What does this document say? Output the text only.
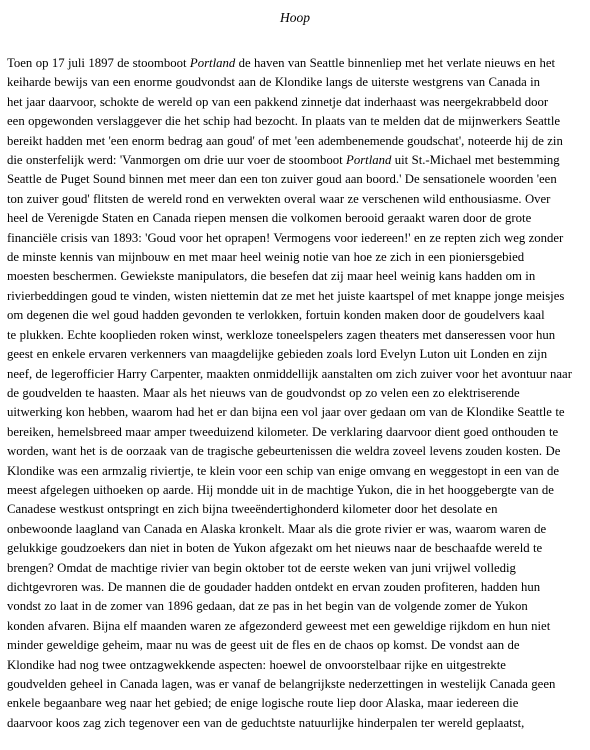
Hoop
Toen op 17 juli 1897 de stoomboot Portland de haven van Seattle binnenliep met het verlate nieuws en het
keiharde bewijs van een enorme goudvondst aan de Klondike langs de uiterste westgrens van Canada in
het jaar daarvoor, schokte de wereld op van een pakkend zinnetje dat inderhaast was neergekrabbeld door
een opgewonden verslaggever die het schip had bezocht. In plaats van te melden dat de mijnwerkers Seattle
bereikt hadden met 'een enorm bedrag aan goud' of met 'een adembenemende goudschat', noteerde hij de zin
die onsterfelijk werd: 'Vanmorgen om drie uur voer de stoomboot Portland uit St.-Michael met bestemming
Seattle de Puget Sound binnen met meer dan een ton zuiver goud aan boord.' De sensationele woorden 'een
ton zuiver goud' flitsten de wereld rond en verwekten overal waar ze verschenen wild enthousiasme. Over
heel de Verenigde Staten en Canada riepen mensen die volkomen berooid geraakt waren door de grote
financiële crisis van 1893: 'Goud voor het oprapen! Vermogens voor iedereen!' en ze repten zich weg zonder
de minste kennis van mijnbouw en met maar heel weinig notie van hoe ze zich in een pioniersgebied
moesten beschermen. Gewiekste manipulators, die besefen dat zij maar heel weinig kans hadden om in
rivierbeddingen goud te vinden, wisten niettemin dat ze met het juiste kaartspel of met knappe jonge meisjes
om degenen die wel goud hadden gevonden te verlokken, fortuin konden maken door de goudelvers kaal
te plukken. Echte kooplieden roken winst, werkloze toneelspelers zagen theaters met danseressen voor hun
geest en enkele ervaren verkenners van maagdelijke gebieden zoals lord Evelyn Luton uit Londen en zijn
neef, de legerofficier Harry Carpenter, maakten onmiddellijk aanstalten om zich zuiver voor het avontuur naar
de goudvelden te haasten. Maar als het nieuws van de goudvondst op zo velen een zo elektriserende
uitwerking kon hebben, waarom had het er dan bijna een vol jaar over gedaan om van de Klondike Seattle te
bereiken, hemelsbreed maar amper tweeduizend kilometer. De verklaring daarvoor dient goed onthouden te
worden, want het is de oorzaak van de tragische gebeurtenissen die weldra zoveel levens zouden kosten. De
Klondike was een armzalig riviertje, te klein voor een schip van enige omvang en weggestopt in een van de
meest afgelegen uithoeken op aarde. Hij mondde uit in de machtige Yukon, die in het hooggebergte van de
Canadese westkust ontspringt en zich bijna tweeëndertighonderd kilometer door het desolate en
onbewoonde laagland van Canada en Alaska kronkelt. Maar als die grote rivier er was, waarom waren de
gelukkige goudzoekers dan niet in boten de Yukon afgezakt om het nieuws naar de beschaafde wereld te
brengen? Omdat de machtige rivier van begin oktober tot de eerste weken van juni vrijwel volledig
dichtgevroren was. De mannen die de goudader hadden ontdekt en ervan zouden profiteren, hadden hun
vondst zo laat in de zomer van 1896 gedaan, dat ze pas in het begin van de volgende zomer de Yukon
konden afvaren. Bijna elf maanden waren ze afgezonderd geweest met een geweldige rijkdom en hun niet
minder geweldige geheim, maar nu was de geest uit de fles en de chaos op komst. De vondst aan de
Klondike had nog twee ontzagwekkende aspecten: hoewel de onvoorstelbaar rijke en uitgestrekte
goudvelden geheel in Canada lagen, was er vanaf de belangrijkste nederzettingen in westelijk Canada geen
enkele begaanbare weg naar het gebied; de enige logische route liep door Alaska, maar iedereen die
daarvoor koos zag zich tegenover een van de geduchtste natuurlijke hinderpalen ter wereld geplaatst,
